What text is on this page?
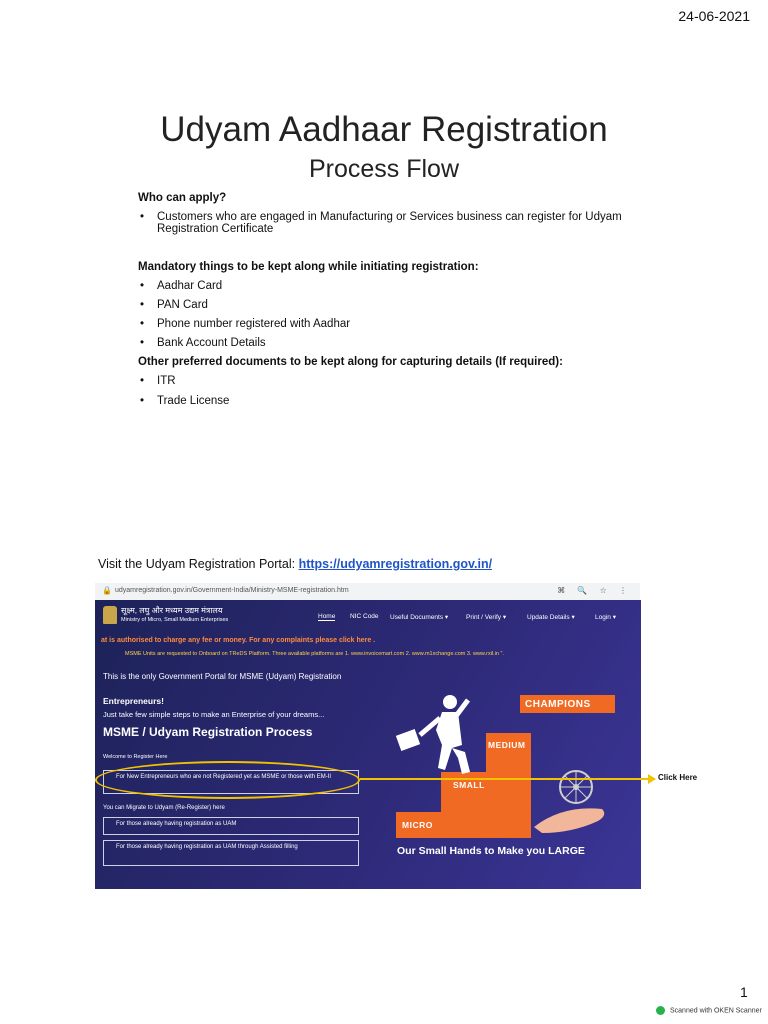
24-06-2021
Udyam Aadhaar Registration
Process Flow
Who can apply?
• Customers who are engaged in Manufacturing or Services business can register for Udyam
Registration Certificate
Mandatory things to be kept along while initiating registration:
• Aadhar Card
• PAN Card
• Phone number registered with Aadhar
• Bank Account Details
Other preferred documents to be kept along for capturing details (If required):
• ITR
• Trade License
Visit the Udyam Registration Portal: https://udyamregistration.gov.in/
🔒 udyamregistration.gov.in/Government-India/Ministry-MSME-registration.htm	⌘ 🔍 ☆ ⋮
सूक्ष्म, लघु और मध्यम उद्यम मंत्रालय
Ministry of Micro, Small Medium Enterprises	Home NIC Code Useful Documents ▾	Print / Verify ▾	Update Details ▾	Login ▾
at is authorised to charge any fee or money. For any complaints please click here .
MSME Units are requested to Onboard on TReDS Platform. Three available platforms are 1. www.invoicemart.com 2. www.m1xchange.com 3. www.rxil.in ".
This is the only Government Portal for MSME (Udyam) Registration
Entrepreneurs!
Just take few simple steps to make an Enterprise of your dreams...
MSME / Udyam Registration Process
Welcome to Register Here
For New Entrepreneurs who are not Registered yet as MSME or those with EM-II
You can Migrate to Udyam (Re-Register) here
For those already having registration as UAM
For those already having registration as UAM through Assisted filling
MICRO
SMALL
MEDIUM
CHAMPIONS
Our Small Hands to Make you LARGE
Click Here
1
Scanned with OKEN Scanner
